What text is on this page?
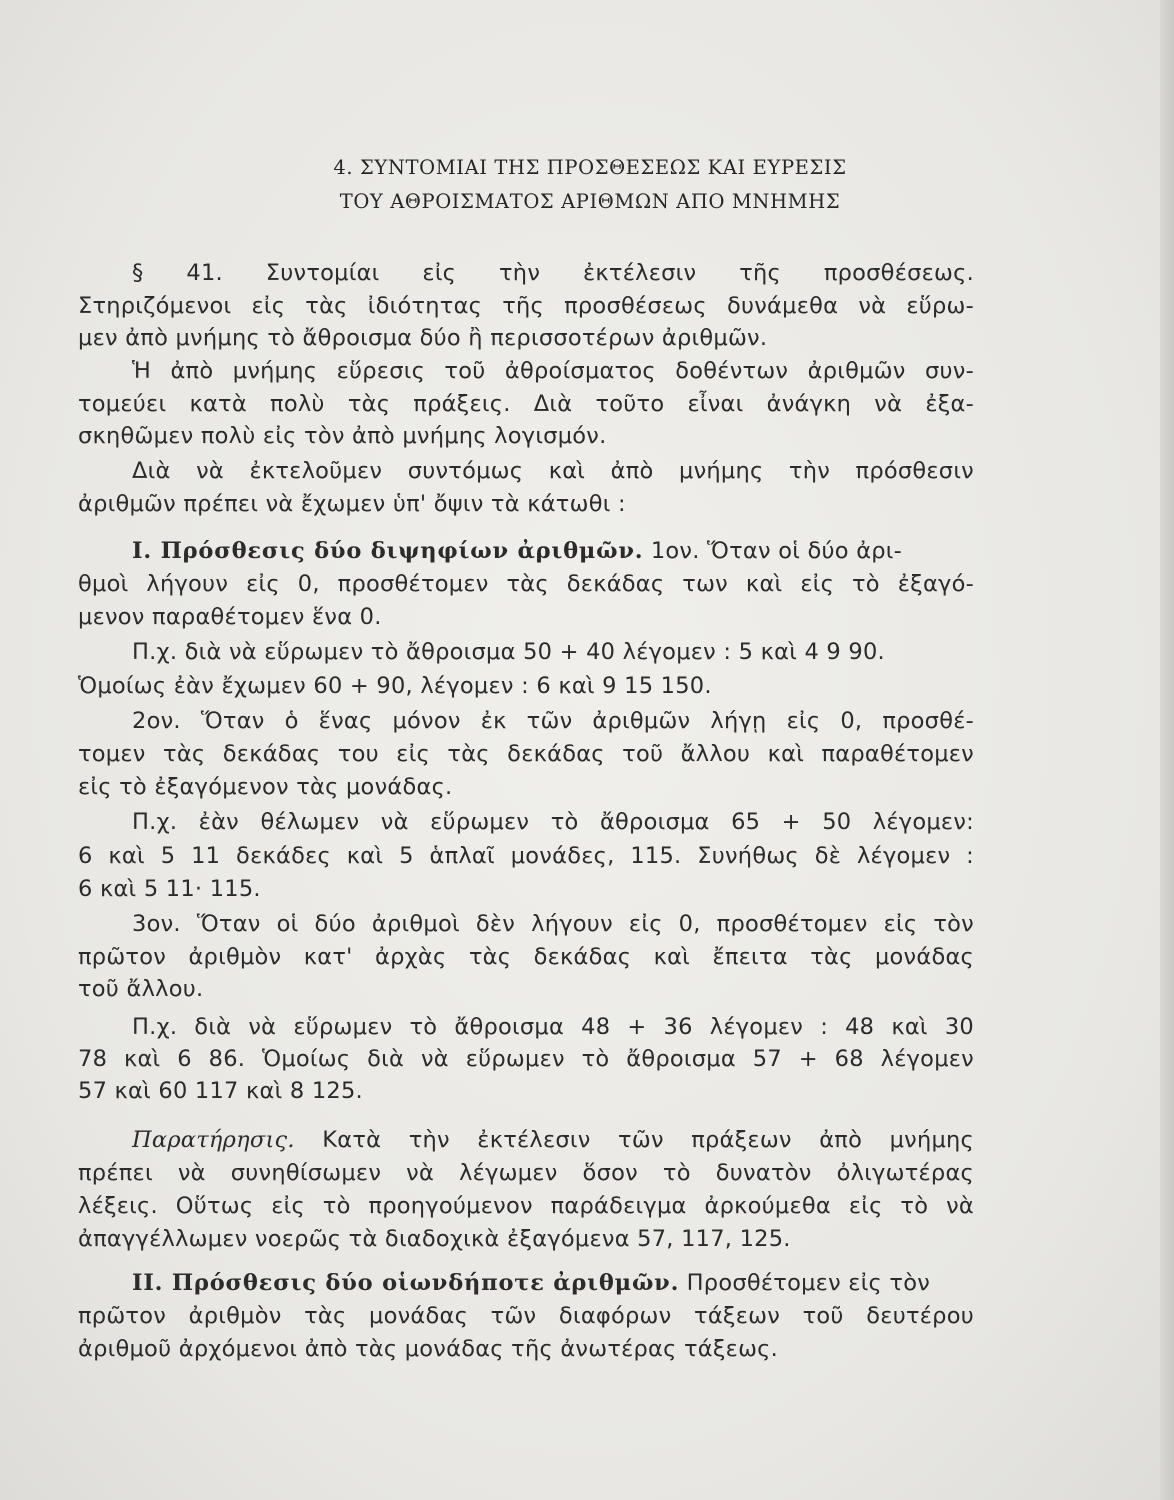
4. ΣΥΝΤΟΜΙΑΙ ΤΗΣ ΠΡΟΣΘΕΣΕΩΣ ΚΑΙ ΕΥΡΕΣΙΣ
ΤΟΥ ΑΘΡΟΙΣΜΑΤΟΣ ΑΡΙΘΜΩΝ ΑΠΟ ΜΝΗΜΗΣ
§ 41. Συντομίαι εἰς τὴν ἐκτέλεσιν τῆς προσθέσεως.
Στηριζόμενοι εἰς τὰς ἰδιότητας τῆς προσθέσεως δυνάμεθα νὰ εὕρω-
μεν ἀπὸ μνήμης τὸ ἄθροισμα δύο ἢ περισσοτέρων ἀριθμῶν.
Ἡ ἀπὸ μνήμης εὕρεσις τοῦ ἀθροίσματος δοθέντων ἀριθμῶν συν-
τομεύει κατὰ πολὺ τὰς πράξεις. Διὰ τοῦτο εἶναι ἀνάγκη νὰ ἐξα-
σκηθῶμεν πολὺ εἰς τὸν ἀπὸ μνήμης λογισμόν.
Διὰ νὰ ἐκτελοῦμεν συντόμως καὶ ἀπὸ μνήμης τὴν πρόσθεσιν
ἀριθμῶν πρέπει νὰ ἔχωμεν ὑπ' ὄψιν τὰ κάτωθι :
I. Πρόσθεσις δύο διψηφίων ἀριθμῶν. 1ον. Ὅταν οἱ δύο ἀρι-
θμοὶ λήγουν εἰς 0, προσθέτομεν τὰς δεκάδας των καὶ εἰς τὸ ἐξαγό-
μενον παραθέτομεν ἕνα 0.
Π.χ. διὰ νὰ εὕρωμεν τὸ ἄθροισμα 50 + 40 λέγομεν : 5 καὶ 4 9 90.
Ὁμοίως ἐὰν ἔχωμεν 60 + 90, λέγομεν : 6 καὶ 9 15 150.
2ον. Ὅταν ὁ ἕνας μόνον ἐκ τῶν ἀριθμῶν λήγῃ εἰς 0, προσθέ-
τομεν τὰς δεκάδας του εἰς τὰς δεκάδας τοῦ ἄλλου καὶ παραθέτομεν
εἰς τὸ ἐξαγόμενον τὰς μονάδας.
Π.χ. ἐὰν θέλωμεν νὰ εὕρωμεν τὸ ἄθροισμα 65 + 50 λέγομεν:
6 καὶ 5 11 δεκάδες καὶ 5 ἁπλαῖ μονάδες, 115. Συνήθως δὲ λέγομεν :
6 καὶ 5 11· 115.
3ον. Ὅταν οἱ δύο ἀριθμοὶ δὲν λήγουν εἰς 0, προσθέτομεν εἰς τὸν
πρῶτον ἀριθμὸν κατ' ἀρχὰς τὰς δεκάδας καὶ ἔπειτα τὰς μονάδας
τοῦ ἄλλου.
Π.χ. διὰ νὰ εὕρωμεν τὸ ἄθροισμα 48 + 36 λέγομεν : 48 καὶ 30
78 καὶ 6 86. Ὁμοίως διὰ νὰ εὕρωμεν τὸ ἄθροισμα 57 + 68 λέγομεν
57 καὶ 60 117 καὶ 8 125.
Παρατήρησις. Κατὰ τὴν ἐκτέλεσιν τῶν πράξεων ἀπὸ μνήμης
πρέπει νὰ συνηθίσωμεν νὰ λέγωμεν ὅσον τὸ δυνατὸν ὀλιγωτέρας
λέξεις. Οὕτως εἰς τὸ προηγούμενον παράδειγμα ἀρκούμεθα εἰς τὸ νὰ
ἀπαγγέλλωμεν νοερῶς τὰ διαδοχικὰ ἐξαγόμενα 57, 117, 125.
II. Πρόσθεσις δύο οἱωνδήποτε ἀριθμῶν. Προσθέτομεν εἰς τὸν
πρῶτον ἀριθμὸν τὰς μονάδας τῶν διαφόρων τάξεων τοῦ δευτέρου
ἀριθμοῦ ἀρχόμενοι ἀπὸ τὰς μονάδας τῆς ἀνωτέρας τάξεως.
